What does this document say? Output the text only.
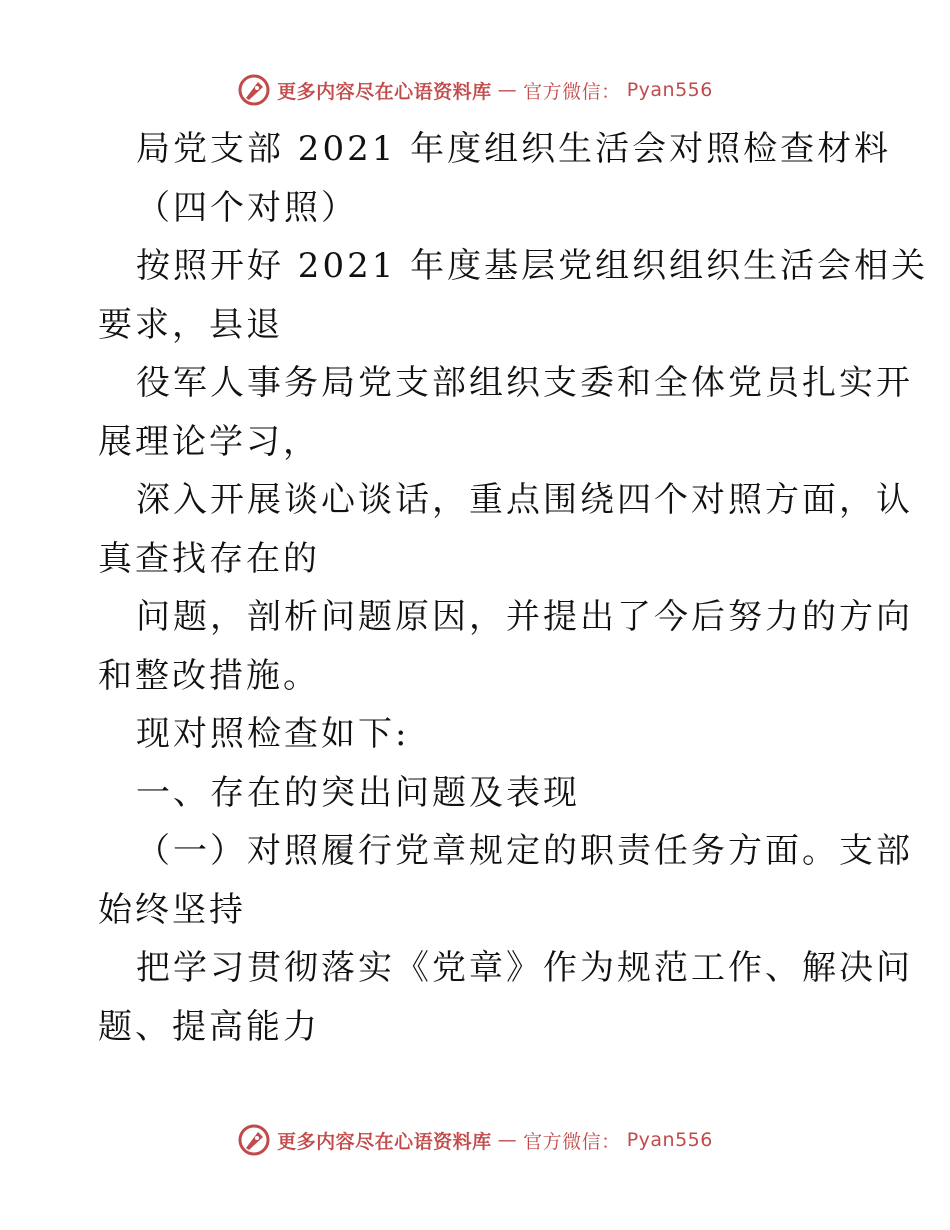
更多内容尽在心语资料库 — 官方微信： Pyan556
局党支部 2021 年度组织生活会对照检查材料
（四个对照）
按照开好 2021 年度基层党组织组织生活会相关
要求，县退
役军人事务局党支部组织支委和全体党员扎实开
展理论学习，
深入开展谈心谈话，重点围绕四个对照方面，认
真查找存在的
问题，剖析问题原因，并提出了今后努力的方向
和整改措施。
现对照检查如下:
一、存在的突出问题及表现
（一）对照履行党章规定的职责任务方面。支部
始终坚持
把学习贯彻落实《党章》作为规范工作、解决问
题、提高能力
更多内容尽在心语资料库 — 官方微信： Pyan556
